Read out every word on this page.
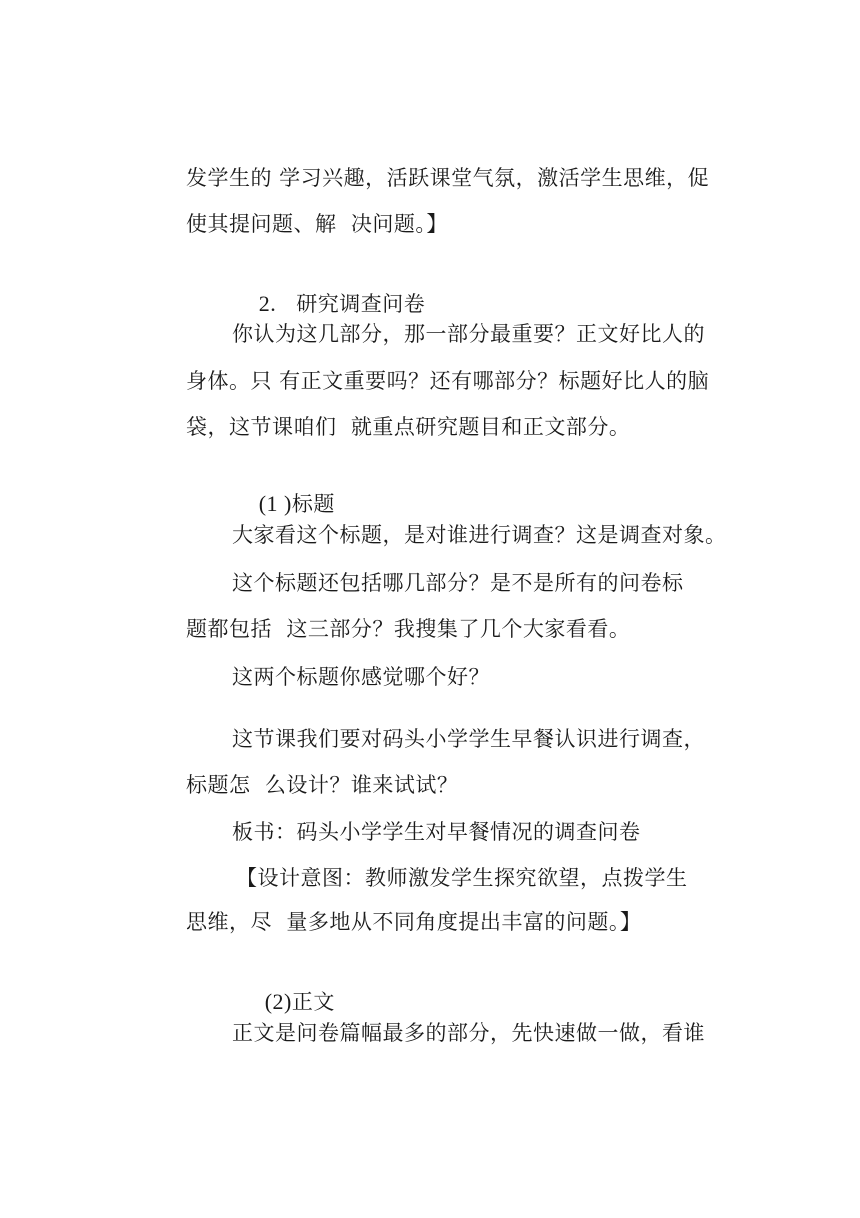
发学生的 学习兴趣，活跃课堂气氛，激活学生思维，促
使其提问题、解  决问题。】

2. 研究调查问卷

你认为这几部分，那一部分最重要？正文好比人的
身体。只 有正文重要吗？还有哪部分？标题好比人的脑
袋，这节课咱们  就重点研究题目和正文部分。

(1 )标题

大家看这个标题，是对谁进行调查？这是调查对象。
这个标题还包括哪几部分？是不是所有的问卷标
题都包括  这三部分？我搜集了几个大家看看。
这两个标题你感觉哪个好？
这节课我们要对码头小学学生早餐认识进行调查，
标题怎  么设计？谁来试试？
板书：码头小学学生对早餐情况的调查问卷
【设计意图：教师激发学生探究欲望，点拨学生
思维，尽  量多地从不同角度提出丰富的问题。】

(2)正文

正文是问卷篇幅最多的部分，先快速做一做，看谁
